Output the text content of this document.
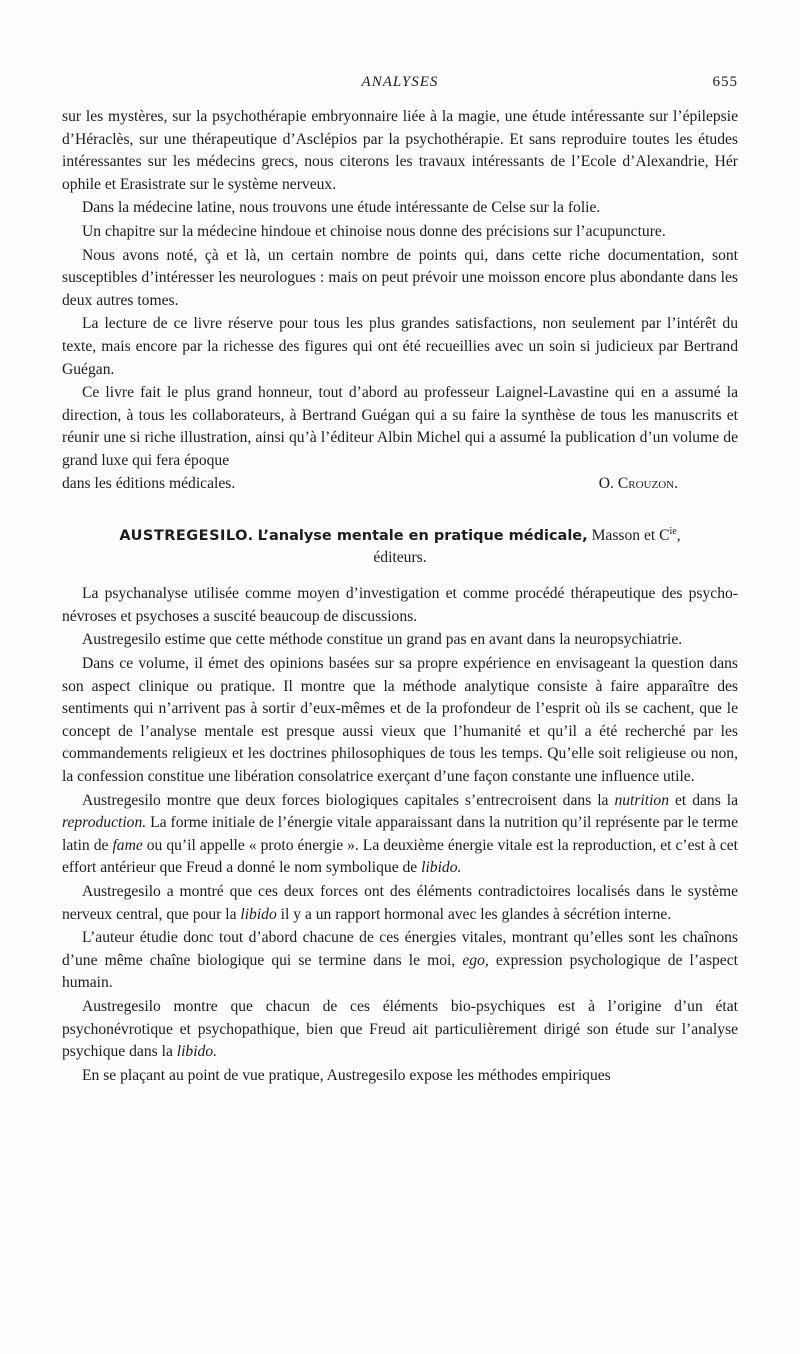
ANALYSES	655

sur les mystères, sur la psychothérapie embryonnaire liée à la magie, une étude intéressante sur l’épilepsie d’Héraclès, sur une thérapeutique d’Asclépios par la psychothérapie. Et sans reproduire toutes les études intéressantes sur les médecins grecs, nous citerons les travaux intéressants de l’Ecole d’Alexandrie, Hér ophile et Erasistrate sur le système nerveux.

Dans la médecine latine, nous trouvons une étude intéressante de Celse sur la folie.

Un chapitre sur la médecine hindoue et chinoise nous donne des précisions sur l’acupuncture.

Nous avons noté, çà et là, un certain nombre de points qui, dans cette riche documentation, sont susceptibles d’intéresser les neurologues : mais on peut prévoir une moisson encore plus abondante dans les deux autres tomes.

La lecture de ce livre réserve pour tous les plus grandes satisfactions, non seulement par l’intérêt du texte, mais encore par la richesse des figures qui ont été recueillies avec un soin si judicieux par Bertrand Guégan.

Ce livre fait le plus grand honneur, tout d’abord au professeur Laignel-Lavastine qui en a assumé la direction, à tous les collaborateurs, à Bertrand Guégan qui a su faire la synthèse de tous les manuscrits et réunir une si riche illustration, ainsi qu’à l’éditeur Albin Michel qui a assumé la publication d’un volume de grand luxe qui fera époque

dans les éditions médicales.	O. Crouzon.
AUSTREGESILO. L’analyse mentale en pratique médicale, Masson et $C^{ie}$,
éditeurs.

La psychanalyse utilisée comme moyen d’investigation et comme procédé thérapeutique des psycho-névroses et psychoses a suscité beaucoup de discussions.

Austregesilo estime que cette méthode constitue un grand pas en avant dans la neuropsychiatrie.

Dans ce volume, il émet des opinions basées sur sa propre expérience en envisageant la question dans son aspect clinique ou pratique. Il montre que la méthode analytique consiste à faire apparaître des sentiments qui n’arrivent pas à sortir d’eux-mêmes et de la profondeur de l’esprit où ils se cachent, que le concept de l’analyse mentale est presque aussi vieux que l’humanité et qu’il a été recherché par les commandements religieux et les doctrines philosophiques de tous les temps. Qu’elle soit religieuse ou non, la confession constitue une libération consolatrice exerçant d’une façon constante une influence utile.

Austregesilo montre que deux forces biologiques capitales s’entrecroisent dans la nutrition et dans la reproduction. La forme initiale de l’énergie vitale apparaissant dans la nutrition qu’il représente par le terme latin de fame ou qu’il appelle « proto énergie ». La deuxième énergie vitale est la reproduction, et c’est à cet effort antérieur que Freud a donné le nom symbolique de libido.

Austregesilo a montré que ces deux forces ont des éléments contradictoires localisés dans le système nerveux central, que pour la libido il y a un rapport hormonal avec les glandes à sécrétion interne.

L’auteur étudie donc tout d’abord chacune de ces énergies vitales, montrant qu’elles sont les chaînons d’une même chaîne biologique qui se termine dans le moi, ego, expression psychologique de l’aspect humain.

Austregesilo montre que chacun de ces éléments bio-psychiques est à l’origine d’un état psychonévrotique et psychopathique, bien que Freud ait particulièrement dirigé son étude sur l’analyse psychique dans la libido.

En se plaçant au point de vue pratique, Austregesilo expose les méthodes empiriques
